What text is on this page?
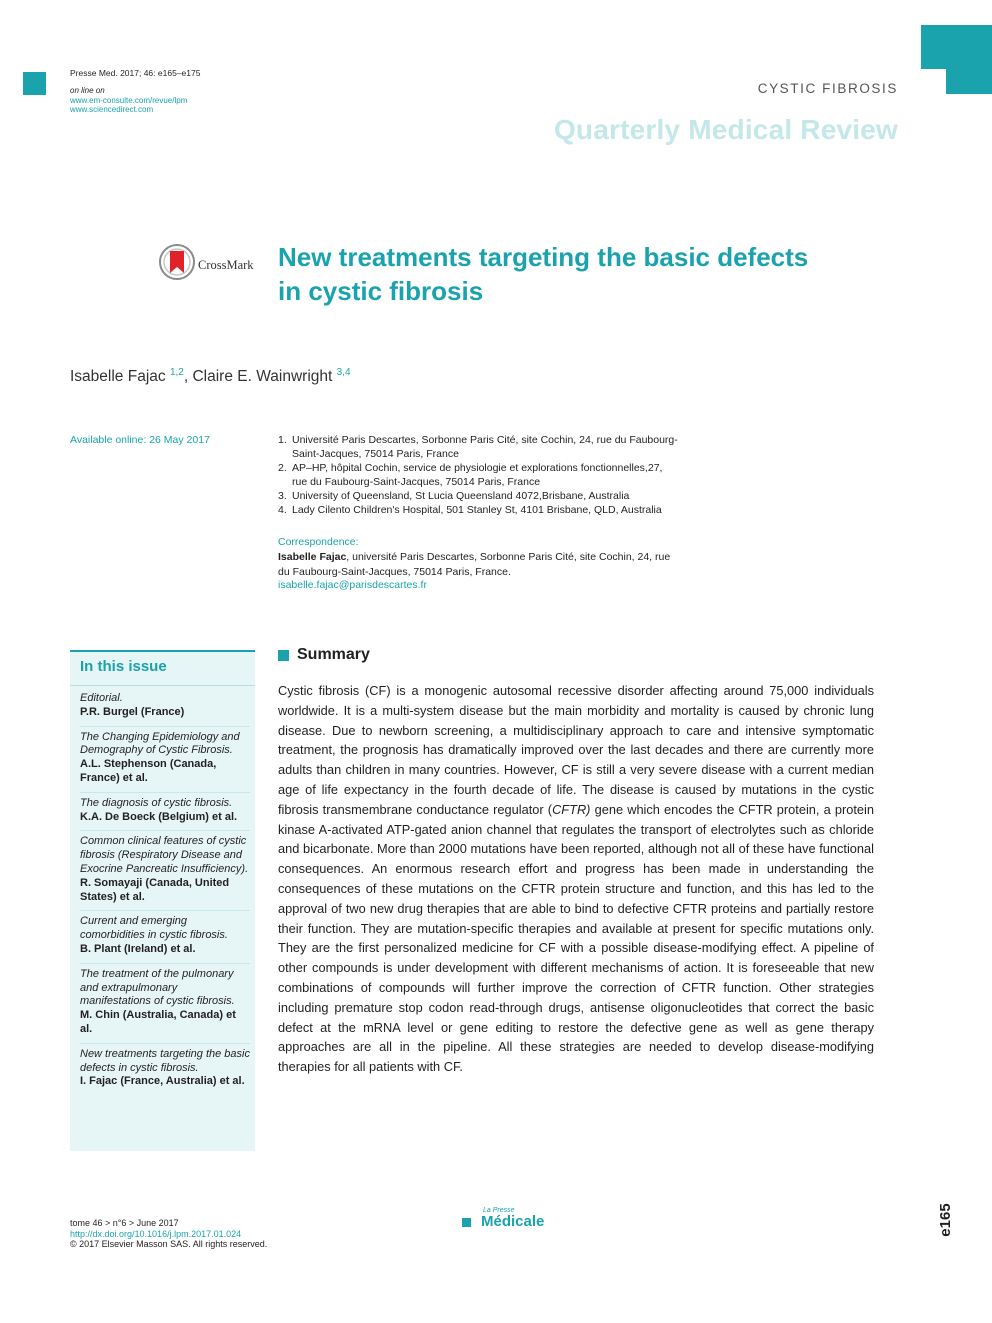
Presse Med. 2017; 46: e165–e175
on line on
www.em-consulte.com/revue/lpm
www.sciencedirect.com
CYSTIC FIBROSIS
Quarterly Medical Review
CrossMark New treatments targeting the basic defects
in cystic fibrosis
Isabelle Fajac $^{1,2}$, Claire E. Wainwright $^{3,4}$
Available online: 26 May 2017	1. Université Paris Descartes, Sorbonne Paris Cité, site Cochin, 24, rue du Faubourg-
Saint-Jacques, 75014 Paris, France
2. AP–HP, hôpital Cochin, service de physiologie et explorations fonctionnelles,27,
rue du Faubourg-Saint-Jacques, 75014 Paris, France
3. University of Queensland, St Lucia Queensland 4072,Brisbane, Australia
4. Lady Cilento Children's Hospital, 501 Stanley St, 4101 Brisbane, QLD, Australia
Correspondence:
Isabelle Fajac, université Paris Descartes, Sorbonne Paris Cité, site Cochin, 24, rue
du Faubourg-Saint-Jacques, 75014 Paris, France.
isabelle.fajac@parisdescartes.fr
In this issue
Editorial.
P.R. Burgel (France)
The Changing Epidemiology and Demography of Cystic Fibrosis.
A.L. Stephenson (Canada, France) et al.
The diagnosis of cystic fibrosis.
K.A. De Boeck (Belgium) et al.
Common clinical features of cystic fibrosis (Respiratory Disease and Exocrine Pancreatic Insufficiency).
R. Somayaji (Canada, United States) et al.
Current and emerging comorbidities in cystic fibrosis.
B. Plant (Ireland) et al.
The treatment of the pulmonary and extrapulmonary manifestations of cystic fibrosis.
M. Chin (Australia, Canada) et al.
New treatments targeting the basic defects in cystic fibrosis.
I. Fajac (France, Australia) et al.
Summary

Cystic fibrosis (CF) is a monogenic autosomal recessive disorder affecting around 75,000 individuals worldwide. It is a multi-system disease but the main morbidity and mortality is caused by chronic lung disease. Due to newborn screening, a multidisciplinary approach to care and intensive symptomatic treatment, the prognosis has dramatically improved over the last decades and there are currently more adults than children in many countries. However, CF is still a very severe disease with a current median age of life expectancy in the fourth decade of life. The disease is caused by mutations in the cystic fibrosis transmembrane conductance regulator (CFTR) gene which encodes the CFTR protein, a protein kinase A-activated ATP-gated anion channel that regulates the transport of electrolytes such as chloride and bicarbonate. More than 2000 mutations have been reported, although not all of these have functional consequences. An enormous research effort and progress has been made in understanding the consequences of these mutations on the CFTR protein structure and function, and this has led to the approval of two new drug therapies that are able to bind to defective CFTR proteins and partially restore their function. They are mutation-specific therapies and available at present for specific mutations only. They are the first personalized medicine for CF with a possible disease-modifying effect. A pipeline of other compounds is under development with different mechanisms of action. It is foreseeable that new combinations of compounds will further improve the correction of CFTR function. Other strategies including premature stop codon read-through drugs, antisense oligonucleotides that correct the basic defect at the mRNA level or gene editing to restore the defective gene as well as gene therapy approaches are all in the pipeline. All these strategies are needed to develop disease-modifying therapies for all patients with CF.

tome 46 > n°6 > June 2017
http://dx.doi.org/10.1016/j.lpm.2017.01.024
© 2017 Elsevier Masson SAS. All rights reserved.
La Presse
Médicale	e165
